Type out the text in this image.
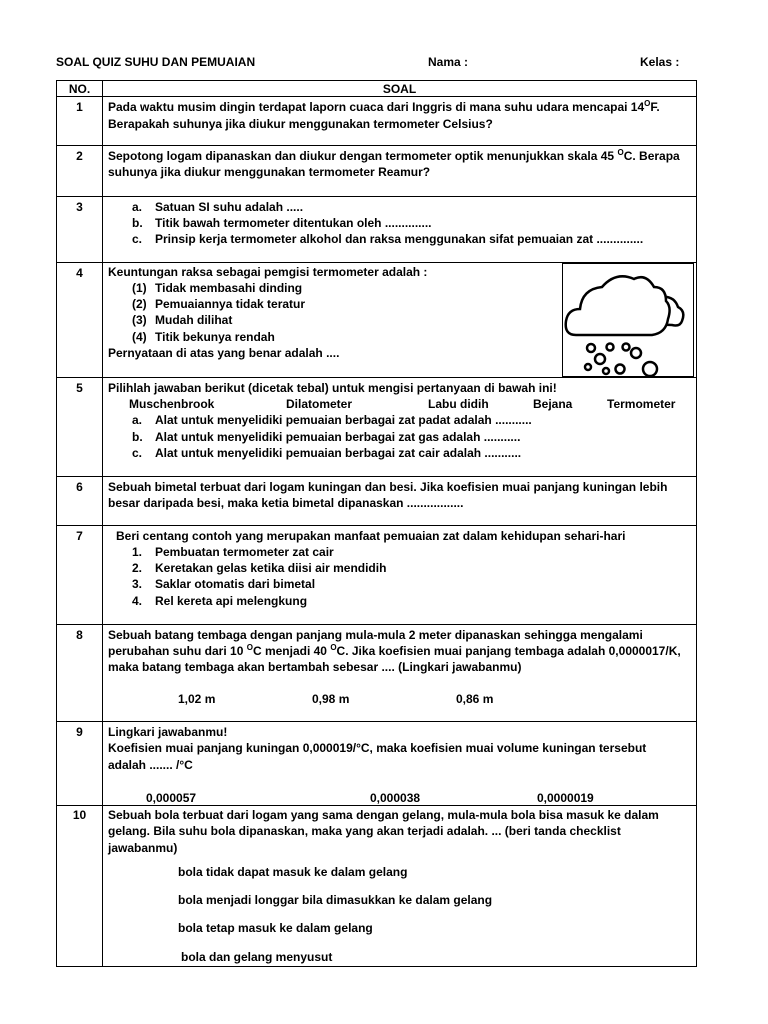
SOAL QUIZ SUHU DAN PEMUAIAN	Nama :	Kelas :
NO.	SOAL
1	Pada waktu musim dingin terdapat laporn cuaca dari Inggris di mana suhu udara mencapai $14^OF$.
Berapakah suhunya jika diukur menggunakan termometer Celsius?
2	Sepotong logam dipanaskan dan diukur dengan termometer optik menunjukkan skala 45 $^O$C. Berapa
suhunya jika diukur menggunakan termometer Reamur?
3	a. Satuan SI suhu adalah .....
b. Titik bawah termometer ditentukan oleh ..............
c. Prinsip kerja termometer alkohol dan raksa menggunakan sifat pemuaian zat ..............
4	Keuntungan raksa sebagai pemgisi termometer adalah :
(1) Tidak membasahi dinding
(2) Pemuaiannya tidak teratur
(3) Mudah dilihat
(4) Titik bekunya rendah
Pernyataan di atas yang benar adalah ....
5	Pilihlah jawaban berikut (dicetak tebal) untuk mengisi pertanyaan di bawah ini!
Muschenbrook	Dilatometer	Labu didih	Bejana	Termometer
a. Alat untuk menyelidiki pemuaian berbagai zat padat adalah ...........
b. Alat untuk menyelidiki pemuaian berbagai zat gas adalah ...........
c. Alat untuk menyelidiki pemuaian berbagai zat cair adalah ...........
6	Sebuah bimetal terbuat dari logam kuningan dan besi. Jika koefisien muai panjang kuningan lebih
besar daripada besi, maka ketia bimetal dipanaskan .................
7	Beri centang contoh yang merupakan manfaat pemuaian zat dalam kehidupan sehari-hari
1. Pembuatan termometer zat cair
2. Keretakan gelas ketika diisi air mendidih
3. Saklar otomatis dari bimetal
4. Rel kereta api melengkung
8	Sebuah batang tembaga dengan panjang mula-mula 2 meter dipanaskan sehingga mengalami
perubahan suhu dari 10 $^O$C menjadi 40 $^O$C. Jika koefisien muai panjang tembaga adalah 0,0000017/K,
maka batang tembaga akan bertambah sebesar .... (Lingkari jawabanmu)
1,02 m	0,98 m	0,86 m
9	Lingkari jawabanmu!
Koefisien muai panjang kuningan 0,000019/°C, maka koefisien muai volume kuningan tersebut
adalah ....... /°C
0,000057	0,000038	0,0000019
10	Sebuah bola terbuat dari logam yang sama dengan gelang, mula-mula bola bisa masuk ke dalam
gelang. Bila suhu bola dipanaskan, maka yang akan terjadi adalah. ... (beri tanda checklist
jawabanmu)
bola tidak dapat masuk ke dalam gelang
bola menjadi longgar bila dimasukkan ke dalam gelang
bola tetap masuk ke dalam gelang
bola dan gelang menyusut
